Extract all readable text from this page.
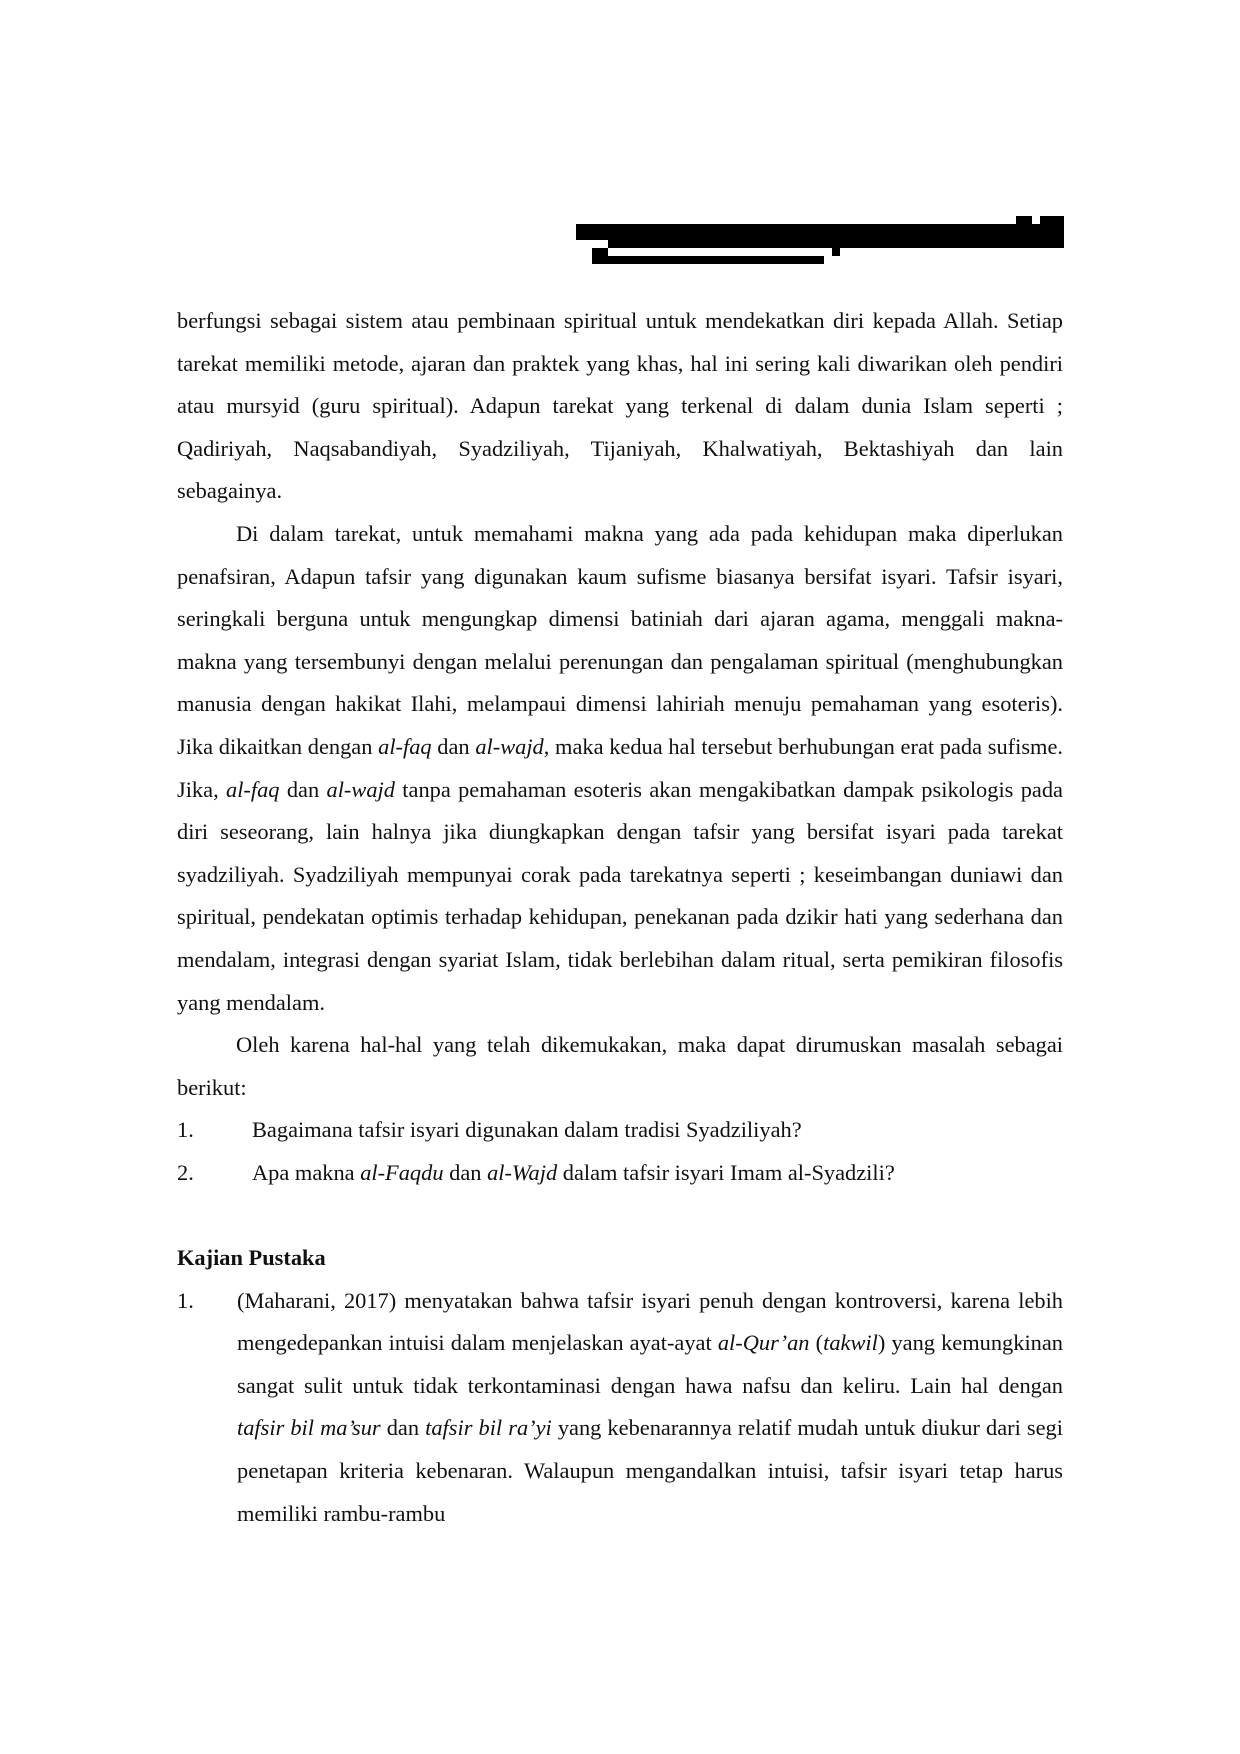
berfungsi sebagai sistem atau pembinaan spiritual untuk mendekatkan diri kepada Allah. Setiap tarekat memiliki metode, ajaran dan praktek yang khas, hal ini sering kali diwarikan oleh pendiri atau mursyid (guru spiritual). Adapun tarekat yang terkenal di dalam dunia Islam seperti ; Qadiriyah, Naqsabandiyah, Syadziliyah, Tijaniyah, Khalwatiyah, Bektashiyah dan lain sebagainya.

Di dalam tarekat, untuk memahami makna yang ada pada kehidupan maka diperlukan penafsiran, Adapun tafsir yang digunakan kaum sufisme biasanya bersifat isyari. Tafsir isyari, seringkali berguna untuk mengungkap dimensi batiniah dari ajaran agama, menggali makna-makna yang tersembunyi dengan melalui perenungan dan pengalaman spiritual (menghubungkan manusia dengan hakikat Ilahi, melampaui dimensi lahiriah menuju pemahaman yang esoteris). Jika dikaitkan dengan al-faq dan al-wajd, maka kedua hal tersebut berhubungan erat pada sufisme. Jika, al-faq dan al-wajd tanpa pemahaman esoteris akan mengakibatkan dampak psikologis pada diri seseorang, lain halnya jika diungkapkan dengan tafsir yang bersifat isyari pada tarekat syadziliyah. Syadziliyah mempunyai corak pada tarekatnya seperti ; keseimbangan duniawi dan spiritual, pendekatan optimis terhadap kehidupan, penekanan pada dzikir hati yang sederhana dan mendalam, integrasi dengan syariat Islam, tidak berlebihan dalam ritual, serta pemikiran filosofis yang mendalam.

Oleh karena hal-hal yang telah dikemukakan, maka dapat dirumuskan masalah sebagai berikut:

1.	Bagaimana tafsir isyari digunakan dalam tradisi Syadziliyah?
2.	Apa makna al-Faqdu dan al-Wajd dalam tafsir isyari Imam al-Syadzili?

Kajian Pustaka

1.	(Maharani, 2017) menyatakan bahwa tafsir isyari penuh dengan kontroversi, karena lebih mengedepankan intuisi dalam menjelaskan ayat-ayat al-Qur’an (takwil) yang kemungkinan sangat sulit untuk tidak terkontaminasi dengan hawa nafsu dan keliru. Lain hal dengan tafsir bil ma’sur dan tafsir bil ra’yi yang kebenarannya relatif mudah untuk diukur dari segi penetapan kriteria kebenaran. Walaupun mengandalkan intuisi, tafsir isyari tetap harus memiliki rambu-rambu
